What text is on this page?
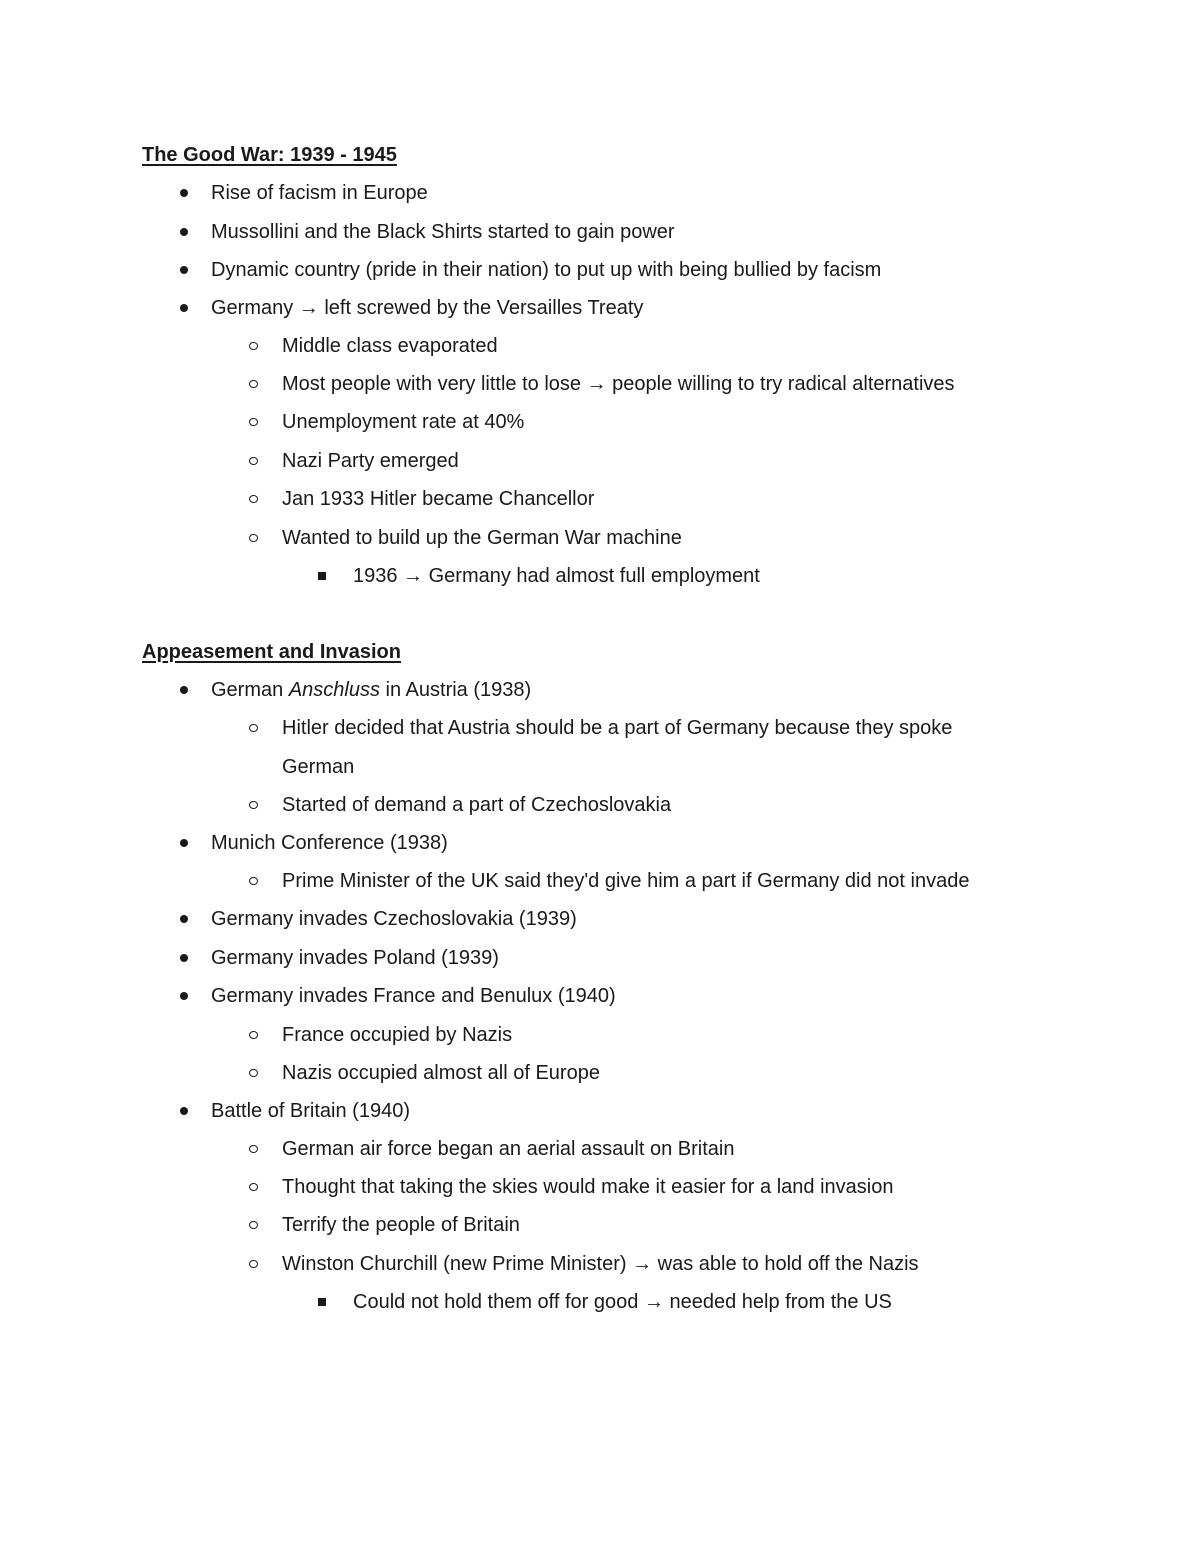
The Good War: 1939 - 1945
Rise of facism in Europe
Mussollini and the Black Shirts started to gain power
Dynamic country (pride in their nation) to put up with being bullied by facism
Germany → left screwed by the Versailles Treaty
Middle class evaporated
Most people with very little to lose → people willing to try radical alternatives
Unemployment rate at 40%
Nazi Party emerged
Jan 1933 Hitler became Chancellor
Wanted to build up the German War machine
1936 → Germany had almost full employment
Appeasement and Invasion
German Anschluss in Austria (1938)
Hitler decided that Austria should be a part of Germany because they spoke
German
Started of demand a part of Czechoslovakia
Munich Conference (1938)
Prime Minister of the UK said they'd give him a part if Germany did not invade
Germany invades Czechoslovakia (1939)
Germany invades Poland (1939)
Germany invades France and Benulux (1940)
France occupied by Nazis
Nazis occupied almost all of Europe
Battle of Britain (1940)
German air force began an aerial assault on Britain
Thought that taking the skies would make it easier for a land invasion
Terrify the people of Britain
Winston Churchill (new Prime Minister) → was able to hold off the Nazis
Could not hold them off for good → needed help from the US
